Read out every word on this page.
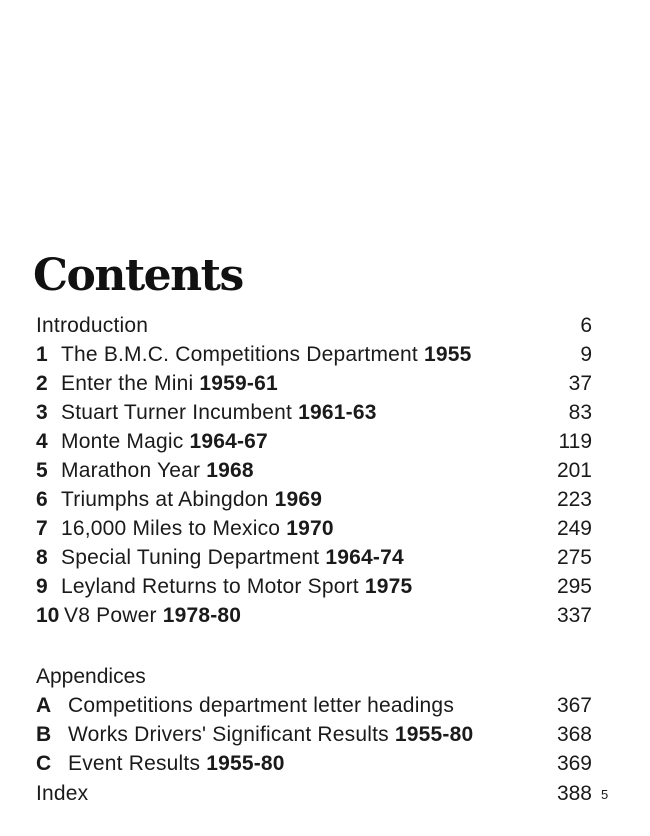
Contents
Introduction	6
1 The B.M.C. Competitions Department 1955	9
2 Enter the Mini 1959-61	37
3 Stuart Turner Incumbent 1961-63	83
4 Monte Magic 1964-67	119
5 Marathon Year 1968	201
6 Triumphs at Abingdon 1969	223
7 16,000 Miles to Mexico 1970	249
8 Special Tuning Department 1964-74	275
9 Leyland Returns to Motor Sport 1975	295
10 V8 Power 1978-80	337
Appendices
A Competitions department letter headings	367
B Works Drivers' Significant Results 1955-80	368
C Event Results 1955-80	369
Index	388 5
